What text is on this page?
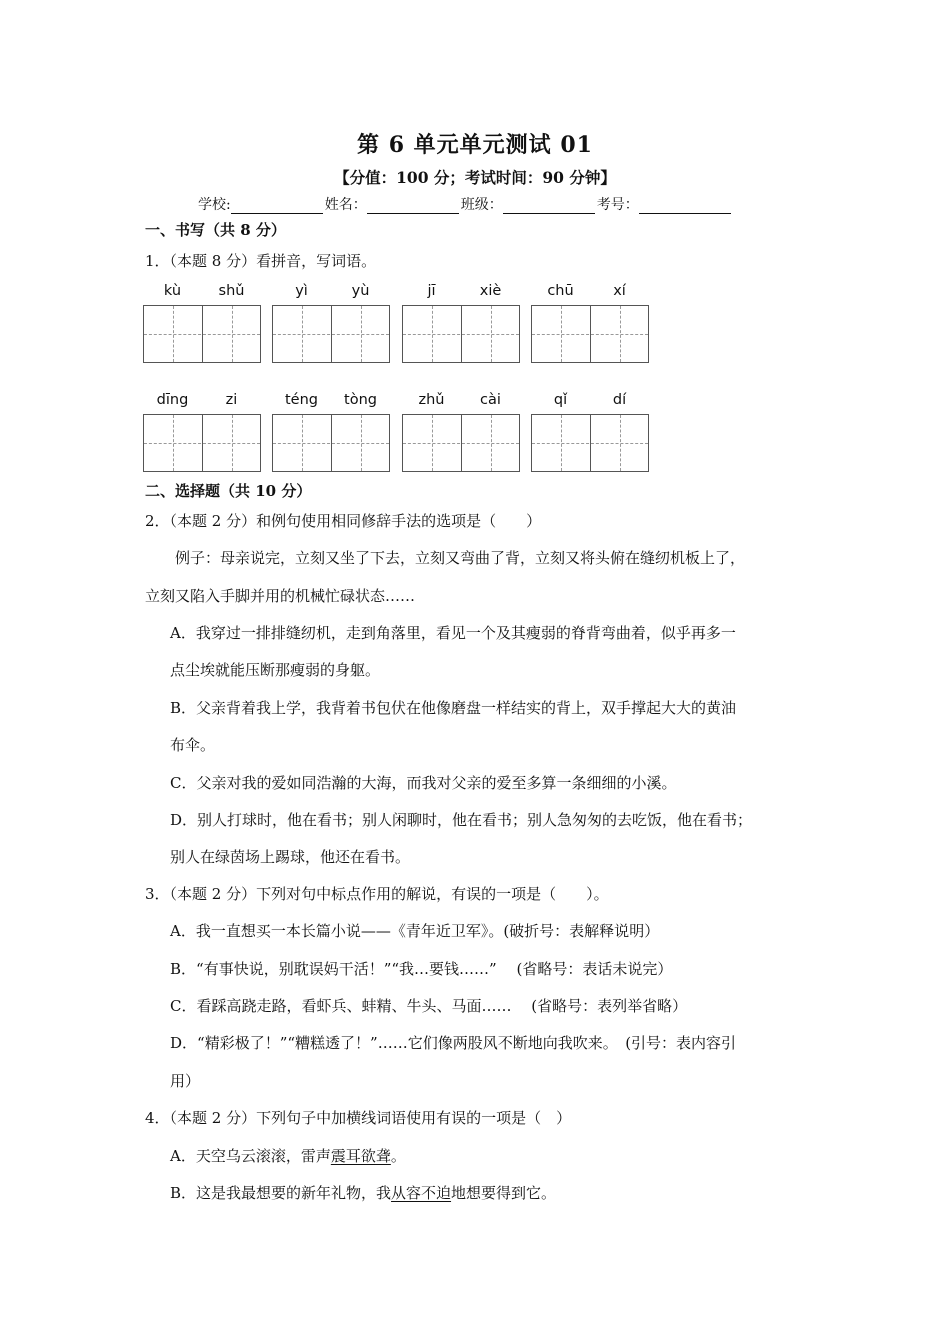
第 6 单元单元测试 01
【分值：100 分；考试时间：90 分钟】
学校:	姓名：	班级：	考号：
一、书写（共 8 分）
1．（本题 8 分）看拼音，写词语。
kù	shǔ	yì	yù	jī	xiè	chū	xí
dīng	zi	téng	tòng	zhǔ	cài	qǐ	dí
二、选择题（共 10 分）
2．（本题 2 分）和例句使用相同修辞手法的选项是（　　）
例子：母亲说完，立刻又坐了下去，立刻又弯曲了背，立刻又将头俯在缝纫机板上了，
立刻又陷入手脚并用的机械忙碌状态……
A．我穿过一排排缝纫机，走到角落里，看见一个及其瘦弱的脊背弯曲着，似乎再多一
点尘埃就能压断那瘦弱的身躯。
B．父亲背着我上学，我背着书包伏在他像磨盘一样结实的背上，双手撑起大大的黄油
布伞。
C．父亲对我的爱如同浩瀚的大海，而我对父亲的爱至多算一条细细的小溪。
D．别人打球时，他在看书；别人闲聊时，他在看书；别人急匆匆的去吃饭，他在看书；
别人在绿茵场上踢球，他还在看书。
3．（本题 2 分）下列对句中标点作用的解说，有误的一项是（　　）。
A．我一直想买一本长篇小说——《青年近卫军》。(破折号：表解释说明）
B．“有事快说，别耽误妈干活！”“我…要钱……”　 (省略号：表话未说完）
C．看踩高跷走路，看虾兵、蚌精、牛头、马面……　 (省略号：表列举省略）
D．“精彩极了！”“糟糕透了！”……它们像两股风不断地向我吹来。　(引号：表内容引
用）
4．（本题 2 分）下列句子中加横线词语使用有误的一项是（　）
A．天空乌云滚滚，雷声震耳欲聋。
B．这是我最想要的新年礼物，我从容不迫地想要得到它。
